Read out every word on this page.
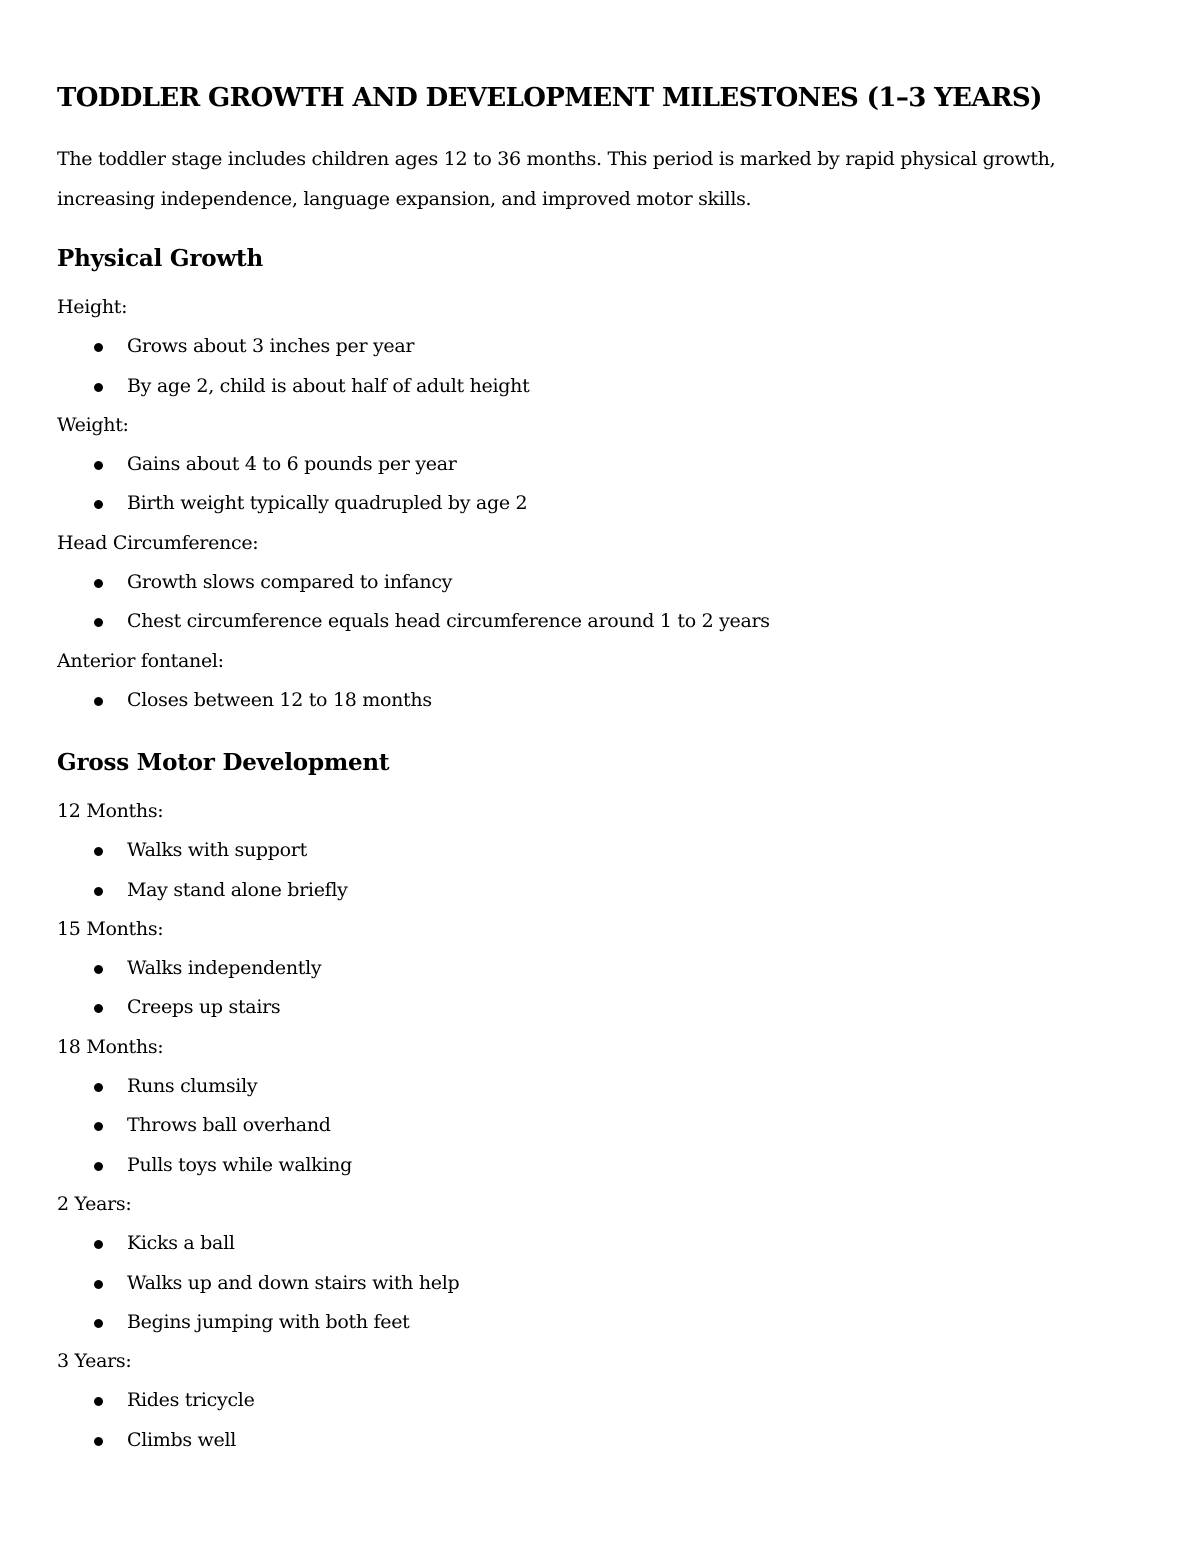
TODDLER GROWTH AND DEVELOPMENT MILESTONES (1–3 YEARS)

The toddler stage includes children ages 12 to 36 months. This period is marked by rapid physical growth, increasing independence, language expansion, and improved motor skills.

Physical Growth
Height:
Grows about 3 inches per year
By age 2, child is about half of adult height
Weight:
Gains about 4 to 6 pounds per year
Birth weight typically quadrupled by age 2
Head Circumference:
Growth slows compared to infancy
Chest circumference equals head circumference around 1 to 2 years
Anterior fontanel:
Closes between 12 to 18 months
Gross Motor Development
12 Months:
Walks with support
May stand alone briefly
15 Months:
Walks independently
Creeps up stairs
18 Months:
Runs clumsily
Throws ball overhand
Pulls toys while walking
2 Years:
Kicks a ball
Walks up and down stairs with help
Begins jumping with both feet
3 Years:
Rides tricycle
Climbs well
